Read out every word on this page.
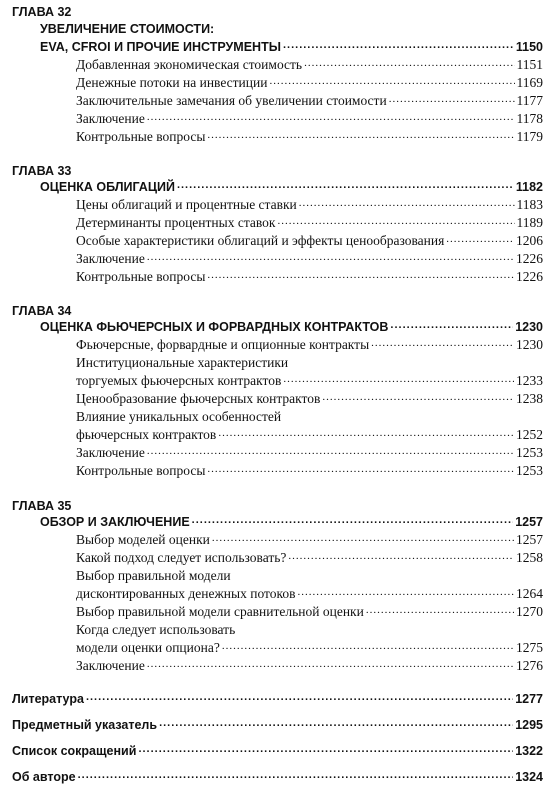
ГЛАВА 32
УВЕЛИЧЕНИЕ СТОИМОСТИ:
EVA, CFROI И ПРОЧИЕ ИНСТРУМЕНТЫ .....	1150
Добавленная экономическая стоимость .....	1151
Денежные потоки на инвестиции .....	1169
Заключительные замечания об увеличении стоимости .....	1177
Заключение .....	1178
Контрольные вопросы .....	1179
ГЛАВА 33
ОЦЕНКА ОБЛИГАЦИЙ .....	1182
Цены облигаций и процентные ставки .....	1183
Детерминанты процентных ставок .....	1189
Особые характеристики облигаций и эффекты ценообразования .....	1206
Заключение .....	1226
Контрольные вопросы .....	1226
ГЛАВА 34
ОЦЕНКА ФЬЮЧЕРСНЫХ И ФОРВАРДНЫХ КОНТРАКТОВ .....	1230
Фьючерсные, форвардные и опционные контракты .....	1230
Институциональные характеристики
торгуемых фьючерсных контрактов .....	1233
Ценообразование фьючерсных контрактов .....	1238
Влияние уникальных особенностей
фьючерсных контрактов .....	1252
Заключение .....	1253
Контрольные вопросы .....	1253
ГЛАВА 35
ОБЗОР И ЗАКЛЮЧЕНИЕ .....	1257
Выбор моделей оценки .....	1257
Какой подход следует использовать? .....	1258
Выбор правильной модели
дисконтированных денежных потоков .....	1264
Выбор правильной модели сравнительной оценки .....	1270
Когда следует использовать
модели оценки опциона? .....	1275
Заключение .....	1276
Литература .....	1277
Предметный указатель .....	1295
Список сокращений .....	1322
Об авторе .....	1324
